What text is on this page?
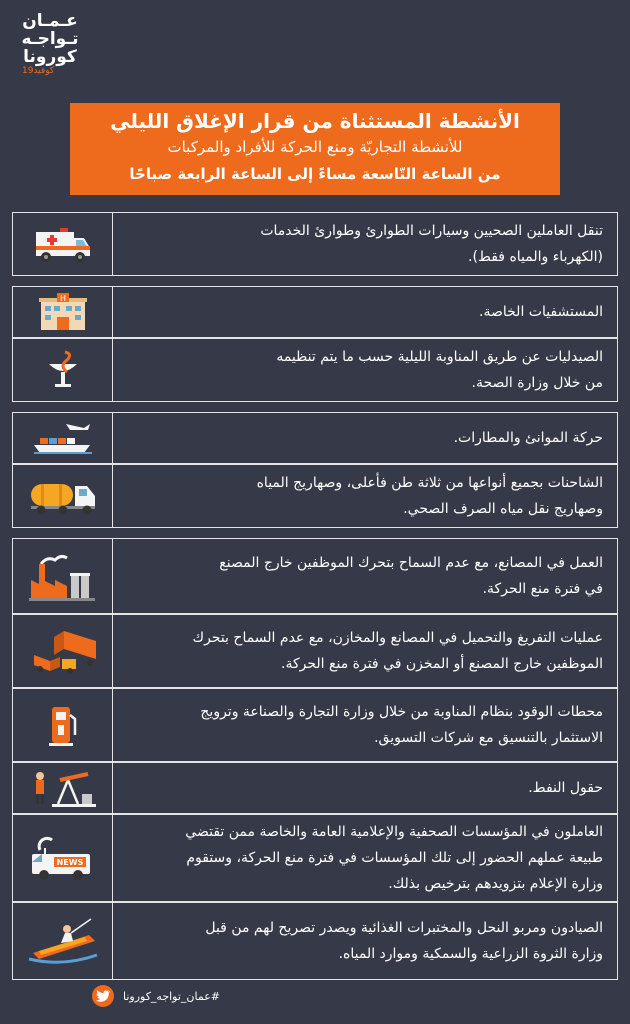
عـمـان
تـواجـه
كورونا
كوفيد19
الأنشطة المستثناة من قرار الإغلاق الليلي
للأنشطة التجاريّة ومنع الحركة للأفراد والمركبات
من الساعة التّاسعة مساءً إلى الساعة الرابعة صباحًا
تنقل العاملين الصحيين وسيارات الطوارئ وطوارئ الخدمات
(الكهرباء والمياه فقط).
المستشفيات الخاصة.
H
الصيدليات عن طريق المناوبة الليلية حسب ما يتم تنظيمه
من خلال وزارة الصحة.
حركة الموانئ والمطارات.
الشاحنات بجميع أنواعها من ثلاثة طن فأعلى، وصهاريج المياه
وصهاريج نقل مياه الصرف الصحي.
العمل في المصانع، مع عدم السماح بتحرك الموظفين خارج المصنع
في فترة منع الحركة.
عمليات التفريغ والتحميل في المصانع والمخازن، مع عدم السماح بتحرك
الموظفين خارج المصنع أو المخزن في فترة منع الحركة.
محطات الوقود بنظام المناوبة من خلال وزارة التجارة والصناعة وترويج
الاستثمار بالتنسيق مع شركات التسويق.
حقول النفط.
العاملون في المؤسسات الصحفية والإعلامية العامة والخاصة ممن تقتضي
طبيعة عملهم الحضور إلى تلك المؤسسات في فترة منع الحركة، وستقوم
وزارة الإعلام بتزويدهم بترخيص بذلك.
NEWS
الصيادون ومربو النحل والمختبرات الغذائية ويصدر تصريح لهم من قبل
وزارة الثروة الزراعية والسمكية وموارد المياه.
#عمان_تواجه_كورونا
